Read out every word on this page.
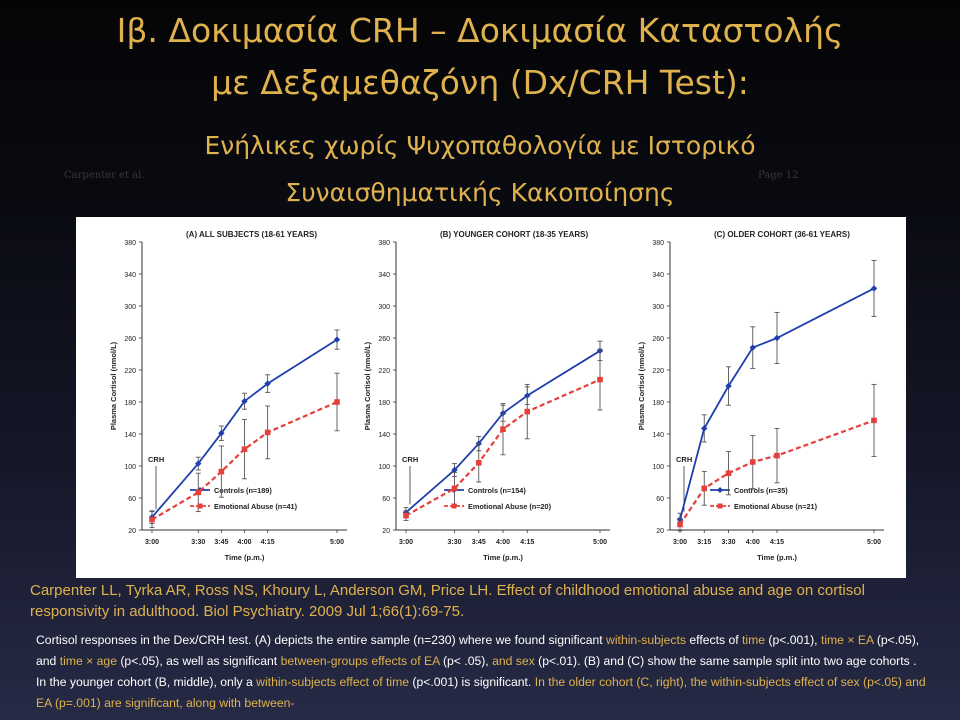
Ιβ. Δοκιμασία CRH – Δοκιμασία Καταστολής
με Δεξαμεθαζόνη (Dx/CRH Test):
Ενήλικες χωρίς Ψυχοπαθολογία με Ιστορικό
Συναισθηματικής Κακοποίησης
Carpenter et al.	Page 12
(A) ALL SUBJECTS (18-61 YEARS)
20
60
100
140
180
220
260
300
340
380
3:00	3:30 3:45 4:00 4:15	5:00
Time (p.m.)
Plasma Cortisol (nmol/L)
CRH
Controls (n=189)
Emotional Abuse (n=41)
(B) YOUNGER COHORT (18-35 YEARS)
20
60
100
140
180
220
260
300
340
380
3:00	3:30 3:45 4:00 4:15	5:00
Time (p.m.)
Plasma Cortisol (nmol/L)
CRH
Controls (n=154)
Emotional Abuse (n=20)
(C) OLDER COHORT (36-61 YEARS)
20
60
100
140
180
220
260
300
340
380
3:00 3:15 3:30 4:00 4:15	5:00
Time (p.m.)
Plasma Cortisol (nmol/L)
CRH
Controls (n=35)
Emotional Abuse (n=21)

Carpenter LL, Tyrka AR, Ross NS, Khoury L, Anderson GM, Price LH. Effect of childhood emotional abuse and age on cortisol responsivity in adulthood. Biol Psychiatry. 2009 Jul 1;66(1):69-75.

Cortisol responses in the Dex/CRH test. (A) depicts the entire sample (n=230) where we found significant within-subjects effects of time (p<.001), time × EA (p<.05), and time × age (p<.05), as well as significant between-groups effects of EA (p< .05), and sex (p<.01). (B) and (C) show the same sample split into two age cohorts . In the younger cohort (B, middle), only a within-subjects effect of time (p<.001) is significant. In the older cohort (C, right), the within-subjects effect of sex (p<.05) and EA (p=.001) are significant, along with between-
